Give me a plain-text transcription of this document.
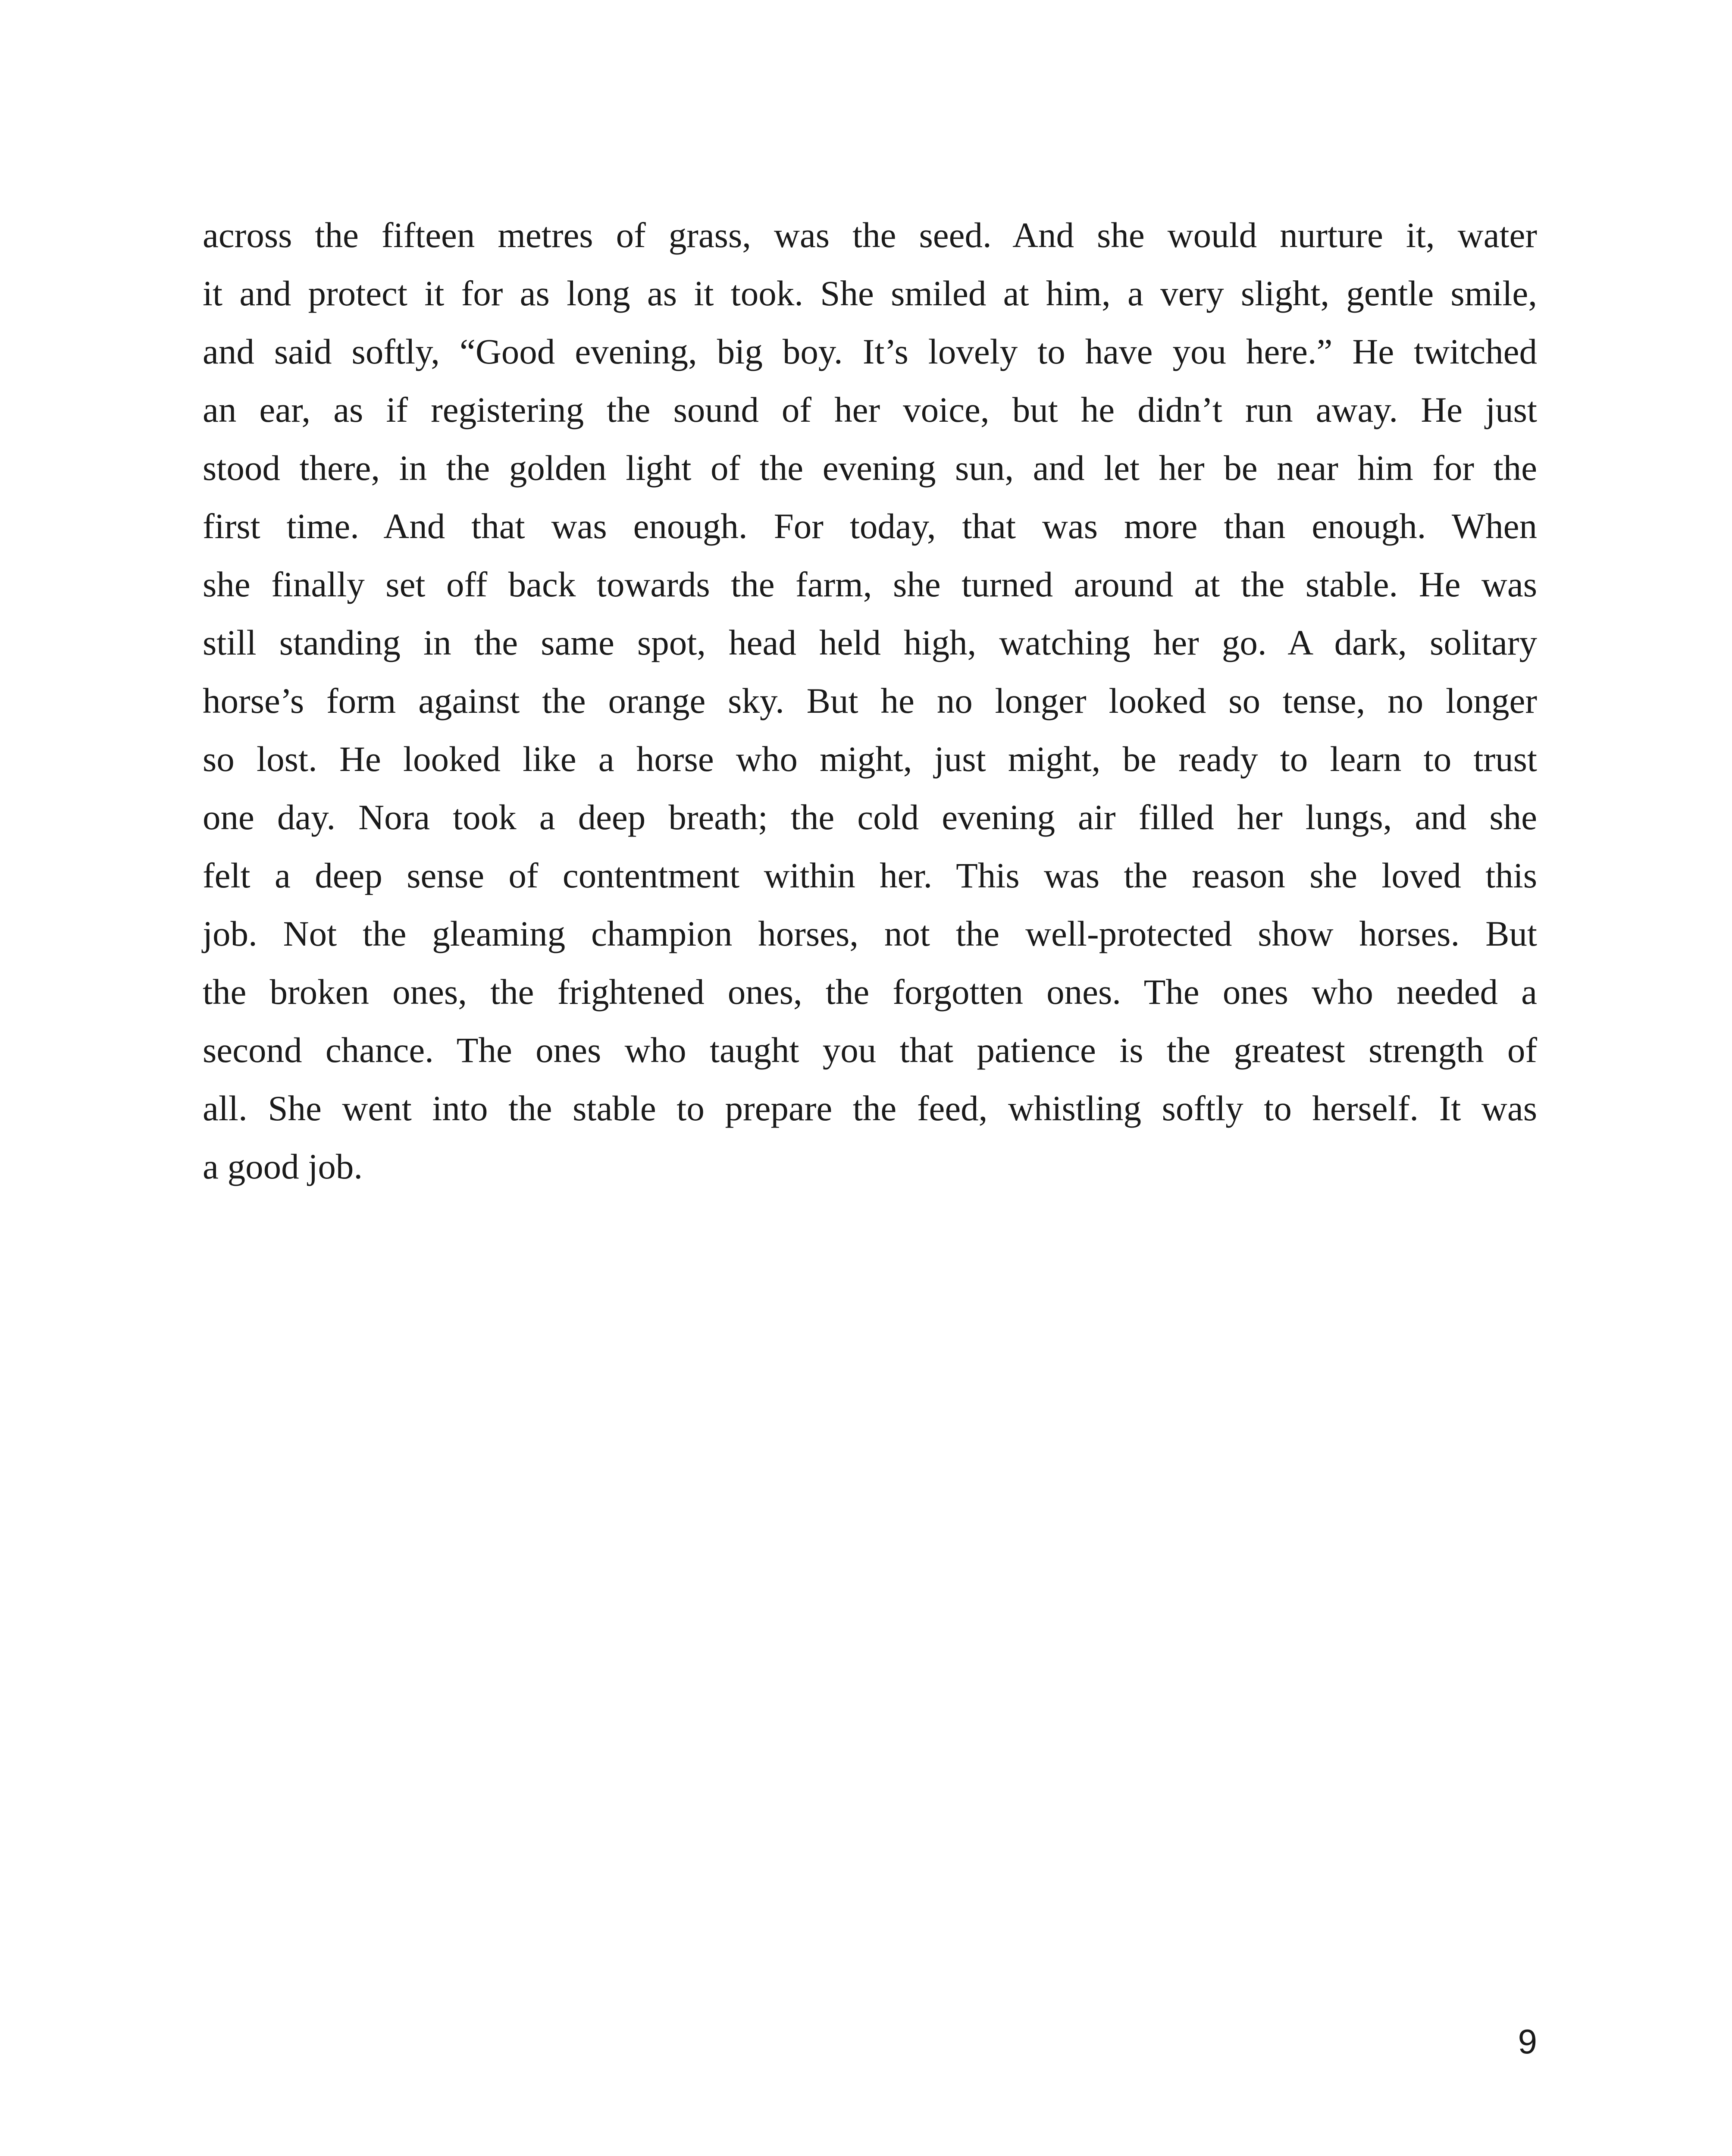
across the fifteen metres of grass, was the seed. And she would nurture it, water
it and protect it for as long as it took. She smiled at him, a very slight, gentle smile,
and said softly, “Good evening, big boy. It’s lovely to have you here.” He twitched
an ear, as if registering the sound of her voice, but he didn’t run away. He just
stood there, in the golden light of the evening sun, and let her be near him for the
first time. And that was enough. For today, that was more than enough. When
she finally set off back towards the farm, she turned around at the stable. He was
still standing in the same spot, head held high, watching her go. A dark, solitary
horse’s form against the orange sky. But he no longer looked so tense, no longer
so lost. He looked like a horse who might, just might, be ready to learn to trust
one day. Nora took a deep breath; the cold evening air filled her lungs, and she
felt a deep sense of contentment within her. This was the reason she loved this
job. Not the gleaming champion horses, not the well-protected show horses. But
the broken ones, the frightened ones, the forgotten ones. The ones who needed a
second chance. The ones who taught you that patience is the greatest strength of
all. She went into the stable to prepare the feed, whistling softly to herself. It was
a good job.
9
